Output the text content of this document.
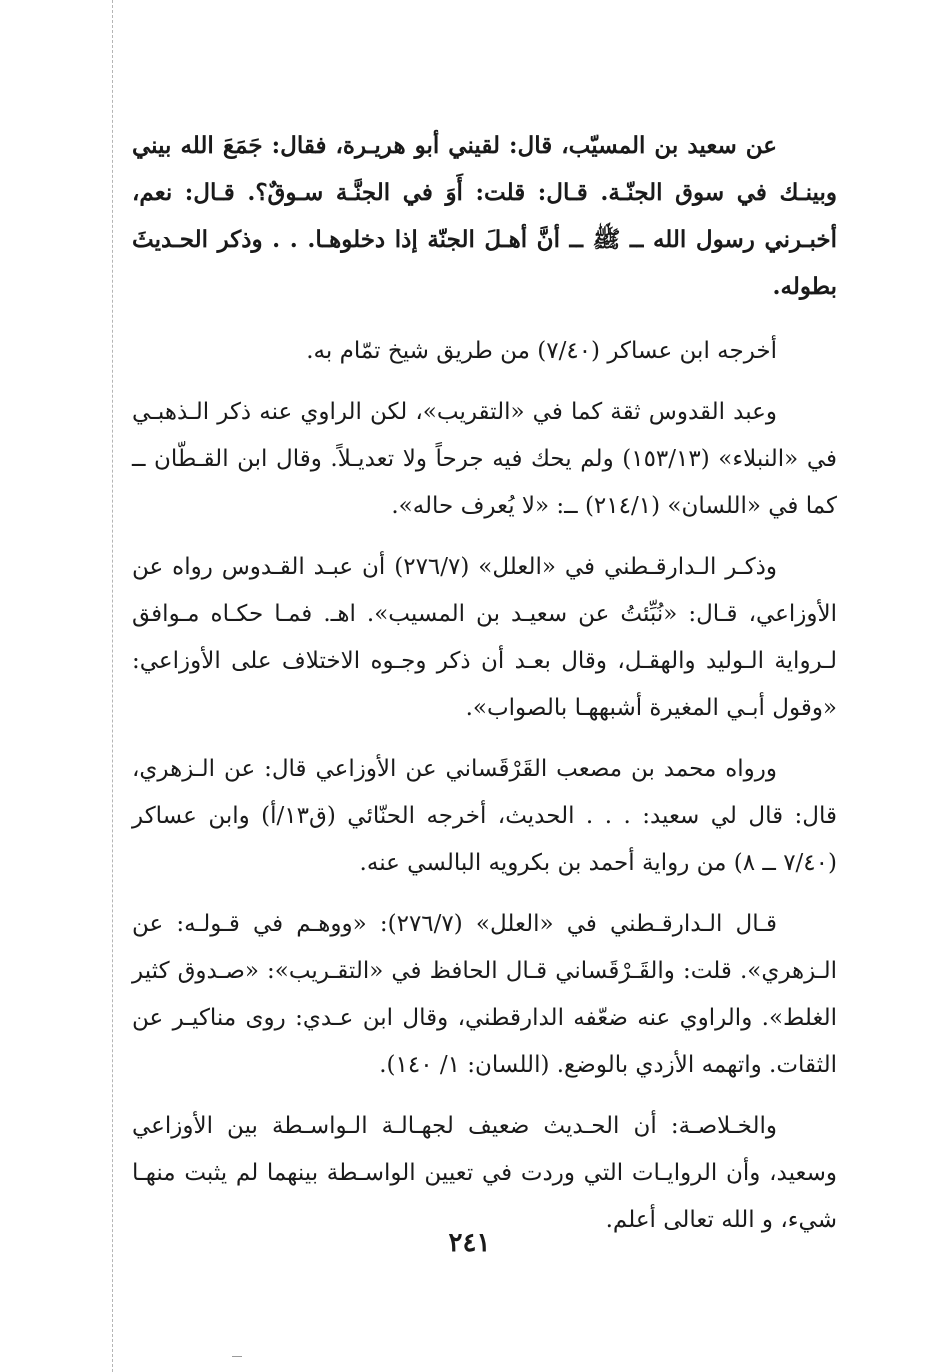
عن سعيد بن المسيّب، قال: لقيني أبو هريـرة، فقال: جَمَعَ الله بيني وبينـك في سوق الجنّـة. قـال: قلت: أَوَ في الجنَّـة سـوقٌ؟. قـال: نعم، أخبـرني رسول الله ــ ﷺ ــ أنَّ أهـلَ الجنّة إذا دخلوهـا. . . وذكر الحـديثَ بطوله.

أخرجه ابن عساكر (٧/٤٠) من طريق شيخ تمّام به.

وعبد القدوس ثقة كما في «التقريب»، لكن الراوي عنه ذكر الـذهبـي في «النبلاء» (١٥٣/١٣) ولم يحك فيه جرحاً ولا تعديـلاً. وقال ابن القـطّان ــ كما في «اللسان» (٢١٤/١) ــ: «لا يُعرف حاله».

وذكـر الـدارقـطني في «العلل» (٢٧٦/٧) أن عبـد القـدوس رواه عن الأوزاعي، قـال: «نُبِّئتُ عن سعيـد بن المسيب». اهـ. فمـا حكـاه مـوافق لـرواية الـوليد والهقـل، وقال بعـد أن ذكر وجـوه الاختلاف على الأوزاعي: «وقول أبـي المغيرة أشبههـا بالصواب».

ورواه محمد بن مصعب القَرْقَساني عن الأوزاعي قال: عن الـزهري، قال: قال لي سعيد: . . . الحديث، أخرجه الحنّائي (ق١٣/أ) وابن عساكر (٧/٤٠ ــ ٨) من رواية أحمد بن بكرويه البالسي عنه.

قـال الـدارقـطني في «العلل» (٢٧٦/٧): «ووهـم في قـولـه: عن الـزهري». قلت: والقَـرْقَساني قـال الحافظ في «التقـريب»: «صـدوق كثير الغلط». والراوي عنه ضعّفه الدارقطني، وقال ابن عـدي: روى مناكيـر عن الثقات. واتهمه الأزدي بالوضع. (اللسان: ١/ ١٤٠).

والخـلاصـة: أن الحـديث ضعيف لجهـالـة الـواسـطة بين الأوزاعي وسعيد، وأن الروايـات التي وردت في تعيين الواسـطة بينهما لم يثبت منهـا شيء، و الله تعالى أعلم.

٢٤١
